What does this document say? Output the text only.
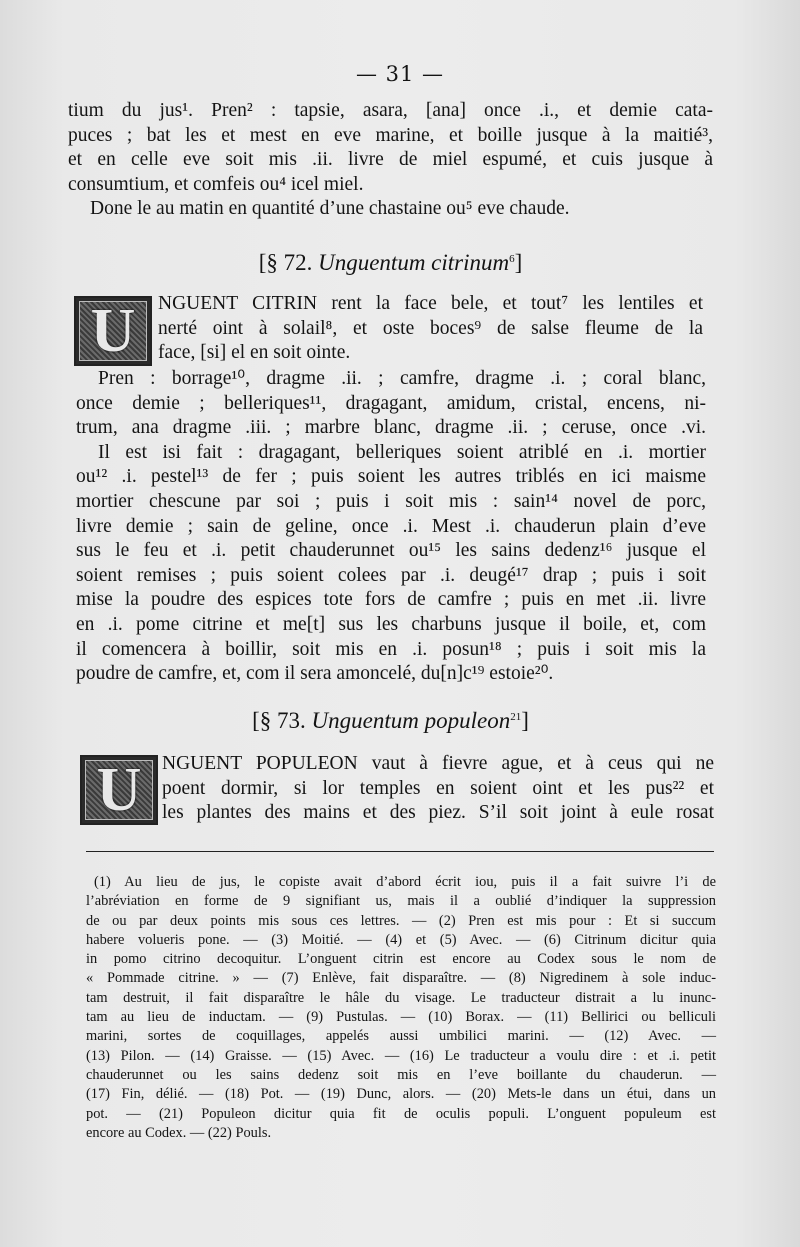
— 31 —
tium du jus¹. Pren² : tapsie, asara, [ana] once .i., et demie cata-
puces ; bat les et mest en eve marine, et boille jusque à la maitié³,
et en celle eve soit mis .ii. livre de miel espumé, et cuis jusque à
consumtium, et comfeis ou⁴ icel miel.
Done le au matin en quantité d’une chastaine ou⁵ eve chaude.
[§ 72. Unguentum citrinum$^6$]
U	NGUENT CITRIN rent la face bele, et tout⁷ les lentiles et
nerté oint à solail⁸, et oste boces⁹ de salse fleume de la
face, [si] el en soit ointe.
Pren : borrage¹⁰, dragme .ii. ; camfre, dragme .i. ; coral blanc,
once demie ; belleriques¹¹, dragagant, amidum, cristal, encens, ni-
trum, ana dragme .iii. ; marbre blanc, dragme .ii. ; ceruse, once .vi.
Il est isi fait : dragagant, belleriques soient atriblé en .i. mortier
ou¹² .i. pestel¹³ de fer ; puis soient les autres triblés en ici maisme
mortier chescune par soi ; puis i soit mis : sain¹⁴ novel de porc,
livre demie ; sain de geline, once .i. Mest .i. chauderun plain d’eve
sus le feu et .i. petit chauderunnet ou¹⁵ les sains dedenz¹⁶ jusque el
soient remises ; puis soient colees par .i. deugé¹⁷ drap ; puis i soit
mise la poudre des espices tote fors de camfre ; puis en met .ii. livre
en .i. pome citrine et me[t] sus les charbuns jusque il boile, et, com
il comencera à boillir, soit mis en .i. posun¹⁸ ; puis i soit mis la
poudre de camfre, et, com il sera amoncelé, du[n]c¹⁹ estoie²⁰.
[§ 73. Unguentum populeon$^{21}$]
U	NGUENT POPULEON vaut à fievre ague, et à ceus qui ne
poent dormir, si lor temples en soient oint et les pus²² et
les plantes des mains et des piez. S’il soit joint à eule rosat
(1) Au lieu de jus, le copiste avait d’abord écrit iou, puis il a fait suivre l’i de
l’abréviation en forme de 9 signifiant us, mais il a oublié d’indiquer la suppression
de ou par deux points mis sous ces lettres. — (2) Pren est mis pour : Et si succum
habere volueris pone. — (3) Moitié. — (4) et (5) Avec. — (6) Citrinum dicitur quia
in pomo citrino decoquitur. L’onguent citrin est encore au Codex sous le nom de
« Pommade citrine. » — (7) Enlève, fait disparaître. — (8) Nigredinem à sole induc-
tam destruit, il fait disparaître le hâle du visage. Le traducteur distrait a lu inunc-
tam au lieu de inductam. — (9) Pustulas. — (10) Borax. — (11) Bellirici ou belliculi
marini, sortes de coquillages, appelés aussi umbilici marini. — (12) Avec. —
(13) Pilon. — (14) Graisse. — (15) Avec. — (16) Le traducteur a voulu dire : et .i. petit
chauderunnet ou les sains dedenz soit mis en l’eve boillante du chauderun. —
(17) Fin, délié. — (18) Pot. — (19) Dunc, alors. — (20) Mets-le dans un étui, dans un
pot. — (21) Populeon dicitur quia fit de oculis populi. L’onguent populeum est
encore au Codex. — (22) Pouls.
